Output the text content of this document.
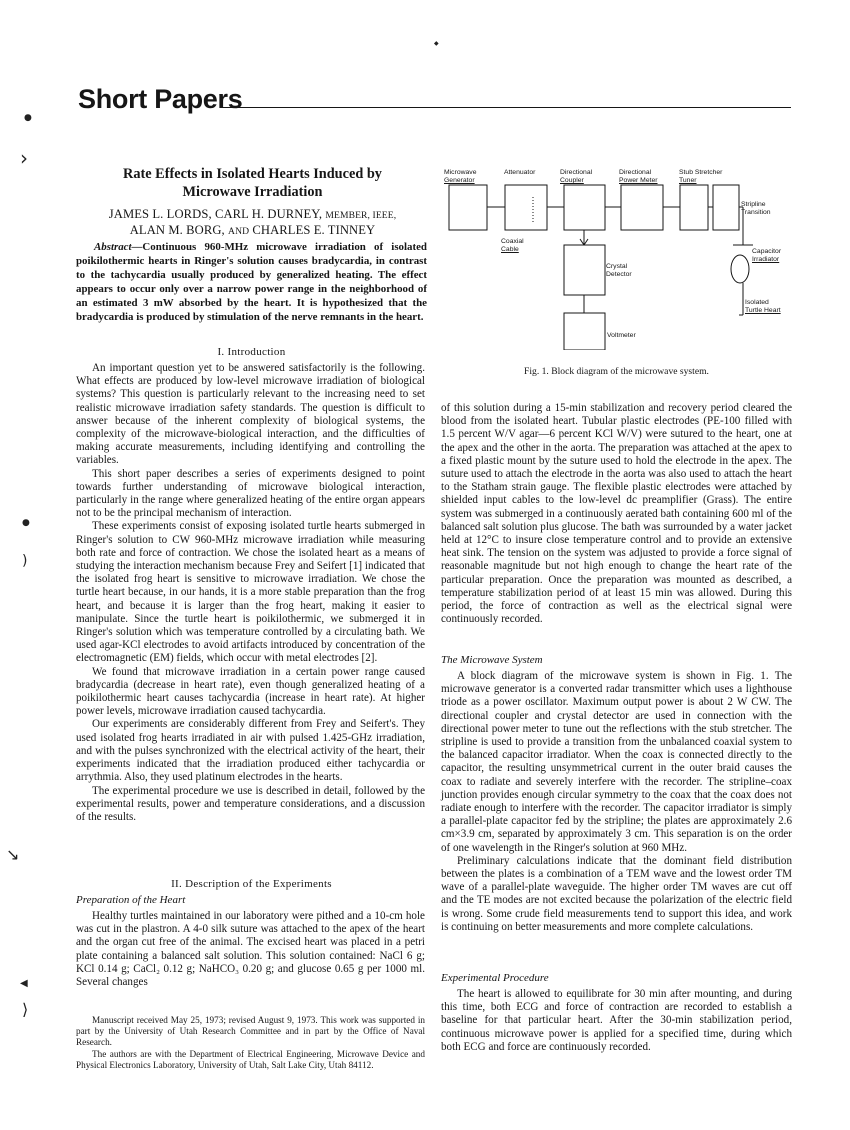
●
›
●
)
↘
◀
⟩
◆
Short Papers
Rate Effects in Isolated Hearts Induced by
Microwave Irradiation
JAMES L. LORDS, CARL H. DURNEY, MEMBER, IEEE,
ALAN M. BORG, AND CHARLES E. TINNEY
Abstract—Continuous 960-MHz microwave irradiation of isolated poikilothermic hearts in Ringer's solution causes bradycardia, in contrast to the tachycardia usually produced by generalized heating. The effect appears to occur only over a narrow power range in the neighborhood of an estimated 3 mW absorbed by the heart. It is hypothesized that the bradycardia is produced by stimulation of the nerve remnants in the heart.
I. Introduction

An important question yet to be answered satisfactorily is the following. What effects are produced by low-level microwave irradiation of biological systems? This question is particularly relevant to the increasing need to set realistic microwave irradiation safety standards. The question is difficult to answer because of the inherent complexity of biological systems, the complexity of the microwave-biological interaction, and the difficulties of making accurate measurements, including identifying and controlling the variables.

This short paper describes a series of experiments designed to point towards further understanding of microwave biological interaction, particularly in the range where generalized heating of the entire organ appears not to be the principal mechanism of interaction.

These experiments consist of exposing isolated turtle hearts submerged in Ringer's solution to CW 960-MHz microwave irradiation while measuring both rate and force of contraction. We chose the isolated heart as a means of studying the interaction mechanism because Frey and Seifert [1] indicated that the isolated frog heart is sensitive to microwave irradiation. We chose the turtle heart because, in our hands, it is a more stable preparation than the frog heart, and because it is larger than the frog heart, making it easier to manipulate. Since the turtle heart is poikilothermic, we submerged it in Ringer's solution which was temperature controlled by a circulating bath. We used agar-KCl electrodes to avoid artifacts introduced by concentration of the electromagnetic (EM) fields, which occur with metal electrodes [2].

We found that microwave irradiation in a certain power range caused bradycardia (decrease in heart rate), even though generalized heating of a poikilothermic heart causes tachycardia (increase in heart rate). At higher power levels, microwave irradiation caused tachycardia.

Our experiments are considerably different from Frey and Seifert's. They used isolated frog hearts irradiated in air with pulsed 1.425-GHz irradiation, and with the pulses synchronized with the electrical activity of the heart, their experiments indicated that the irradiation produced either tachycardia or arrythmia. Also, they used platinum electrodes in the hearts.

The experimental procedure we use is described in detail, followed by the experimental results, power and temperature considerations, and a discussion of the results.

II. Description of the Experiments
Preparation of the Heart

Healthy turtles maintained in our laboratory were pithed and a 10-cm hole was cut in the plastron. A 4-0 silk suture was attached to the apex of the heart and the organ cut free of the animal. The excised heart was placed in a petri plate containing a balanced salt solution. This solution contained: NaCl 6 g; KCl 0.14 g; CaCl₂ 0.12 g; NaHCO₃ 0.20 g; and glucose 0.65 g per 1000 ml. Several changes

Manuscript received May 25, 1973; revised August 9, 1973. This work was supported in part by the University of Utah Research Committee and in part by the Office of Naval Research.

The authors are with the Department of Electrical Engineering, Microwave Device and Physical Electronics Laboratory, University of Utah, Salt Lake City, Utah 84112.

Microwave
Generator
Attenuator	Directional
Coupler
Directional
Power Meter
Stub Stretcher
Tuner
Stripline
Transition
Coaxial
Cable
Crystal
Detector
Capacitor
Irradiator
Isolated
Turtle Heart
Voltmeter
Fig. 1. Block diagram of the microwave system.

of this solution during a 15-min stabilization and recovery period cleared the blood from the isolated heart. Tubular plastic electrodes (PE-100 filled with 1.5 percent W/V agar—6 percent KCl W/V) were sutured to the heart, one at the apex and the other in the aorta. The preparation was attached at the apex to a fixed plastic mount by the suture used to hold the electrode in the apex. The suture used to attach the electrode in the aorta was also used to attach the heart to the Statham strain gauge. The flexible plastic electrodes were attached by shielded input cables to the low-level dc preamplifier (Grass). The entire system was submerged in a continuously aerated bath containing 600 ml of the balanced salt solution plus glucose. The bath was surrounded by a water jacket held at 12°C to insure close temperature control and to provide an extensive heat sink. The tension on the system was adjusted to provide a force signal of reasonable magnitude but not high enough to change the heart rate of the particular preparation. Once the preparation was mounted as described, a temperature stabilization period of at least 15 min was allowed. During this period, the force of contraction as well as the electrical signal were continuously recorded.

The Microwave System

A block diagram of the microwave system is shown in Fig. 1. The microwave generator is a converted radar transmitter which uses a lighthouse triode as a power oscillator. Maximum output power is about 2 W CW. The directional coupler and crystal detector are used in connection with the directional power meter to tune out the reflections with the stub stretcher. The stripline is used to provide a transition from the unbalanced coaxial system to the balanced capacitor irradiator. When the coax is connected directly to the capacitor, the resulting unsymmetrical current in the outer braid causes the coax to radiate and severely interfere with the recorder. The stripline–coax junction provides enough circular symmetry to the coax that the coax does not radiate enough to interfere with the recorder. The capacitor irradiator is simply a parallel-plate capacitor fed by the stripline; the plates are approximately 2.6 cm×3.9 cm, separated by approximately 3 cm. This separation is on the order of one wavelength in the Ringer's solution at 960 MHz.

Preliminary calculations indicate that the dominant field distribution between the plates is a combination of a TEM wave and the lowest order TM wave of a parallel-plate waveguide. The higher order TM waves are cut off and the TE modes are not excited because the polarization of the electric field is wrong. Some crude field measurements tend to support this idea, and work is continuing on better measurements and more complete calculations.

Experimental Procedure

The heart is allowed to equilibrate for 30 min after mounting, and during this time, both ECG and force of contraction are recorded to establish a baseline for that particular heart. After the 30-min stabilization period, continuous microwave power is applied for a specified time, during which both ECG and force are continuously recorded.
